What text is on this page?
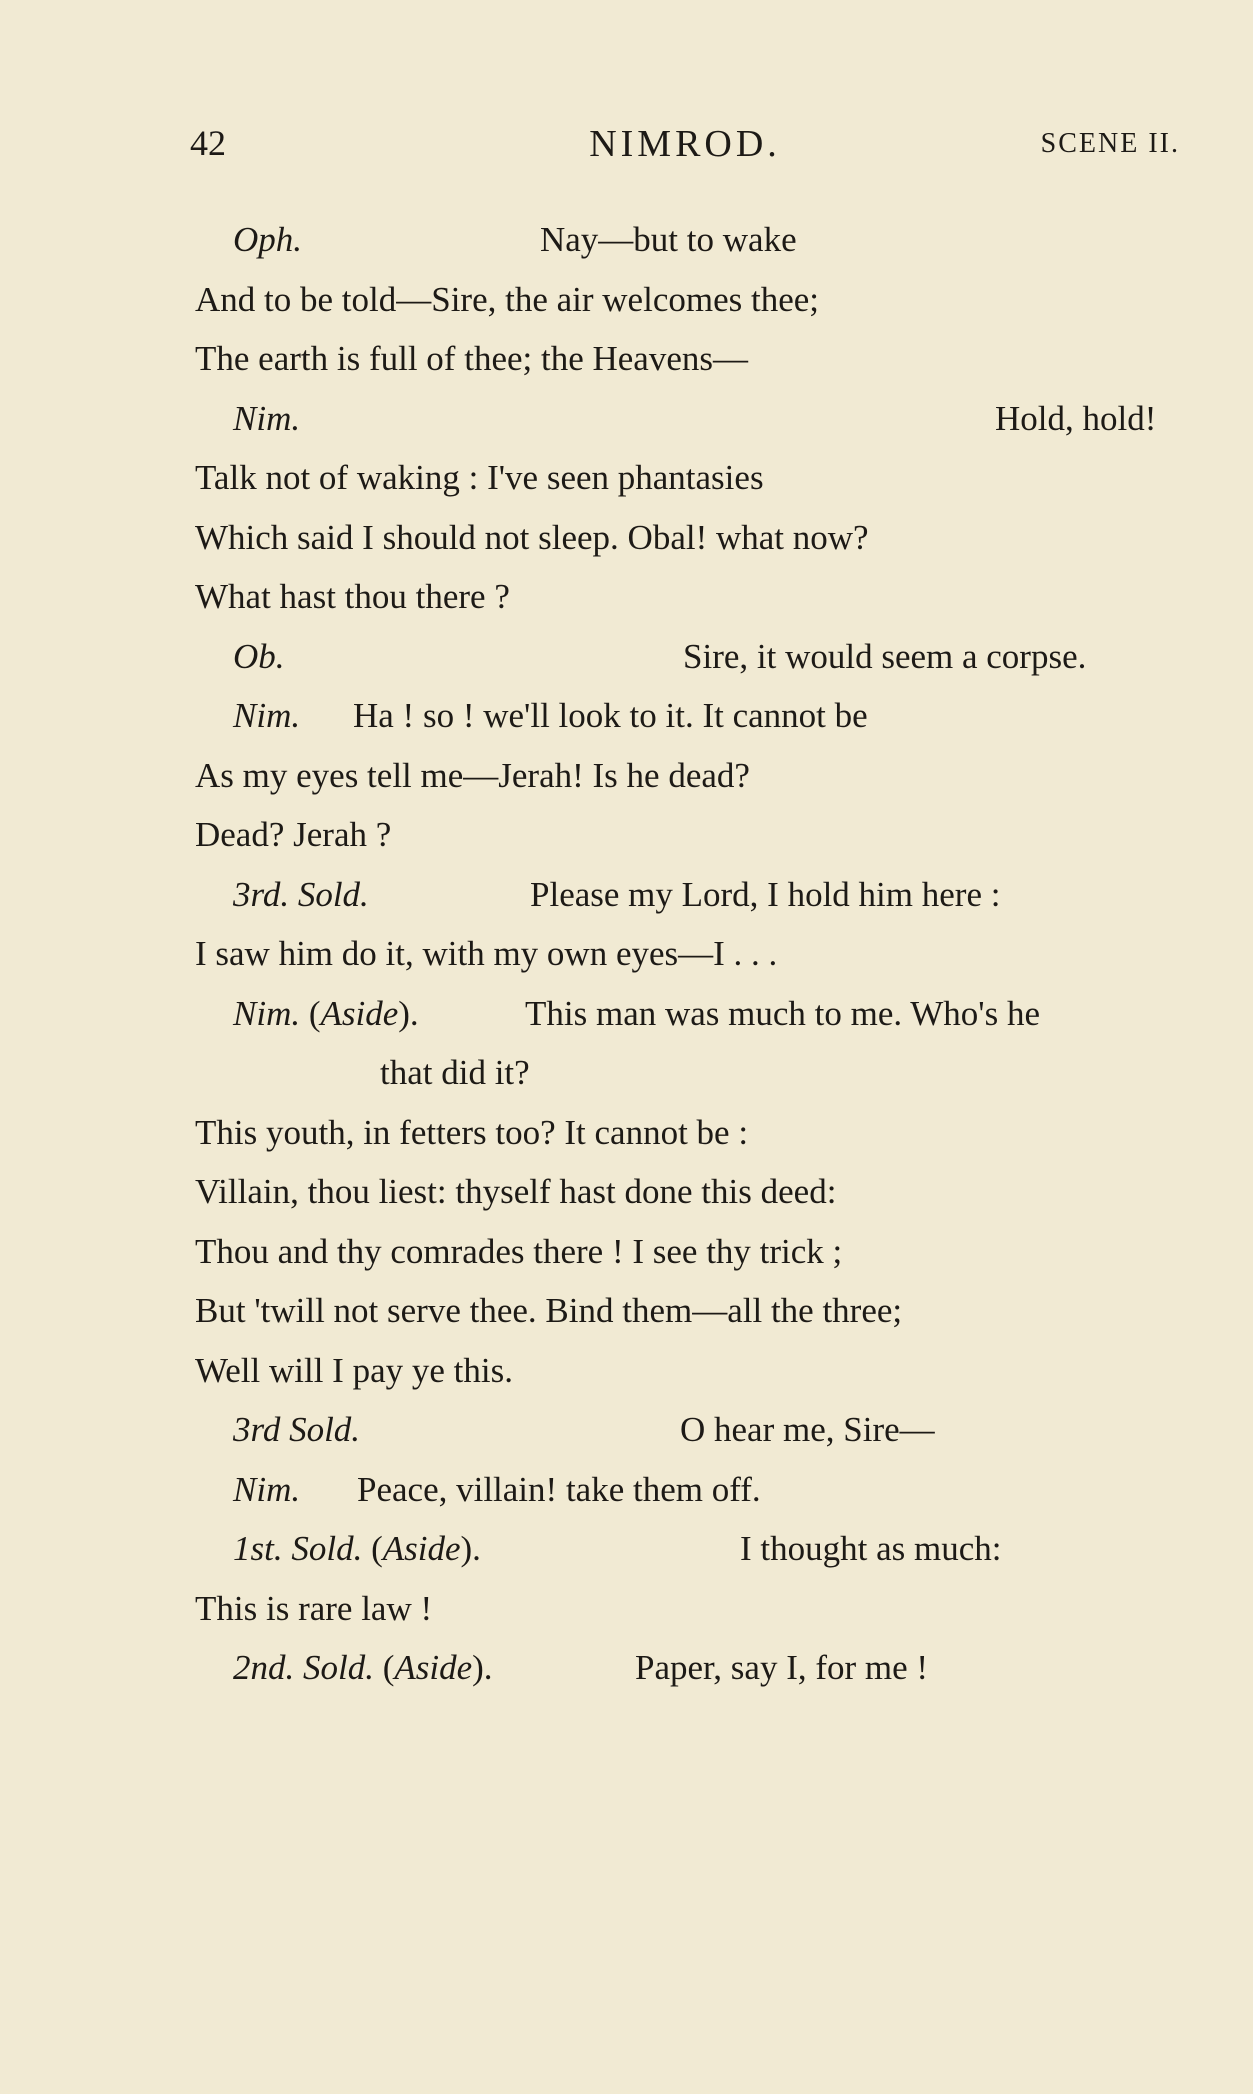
42	NIMROD.	SCENE II.
Oph.	Nay—but to wake
And to be told—Sire, the air welcomes thee;
The earth is full of thee; the Heavens—
Nim.	Hold, hold!
Talk not of waking : I've seen phantasies
Which said I should not sleep. Obal! what now?
What hast thou there ?
Ob.	Sire, it would seem a corpse.
Nim. Ha ! so ! we'll look to it. It cannot be
As my eyes tell me—Jerah! Is he dead?
Dead? Jerah ?
3rd. Sold.	Please my Lord, I hold him here :
I saw him do it, with my own eyes—I . . .
Nim. (Aside).	This man was much to me. Who's he
that did it?
This youth, in fetters too? It cannot be :
Villain, thou liest: thyself hast done this deed:
Thou and thy comrades there ! I see thy trick ;
But 'twill not serve thee. Bind them—all the three;
Well will I pay ye this.
3rd Sold.	O hear me, Sire—
Nim. Peace, villain! take them off.
1st. Sold. (Aside).	I thought as much:
This is rare law !
2nd. Sold. (Aside).	Paper, say I, for me !
